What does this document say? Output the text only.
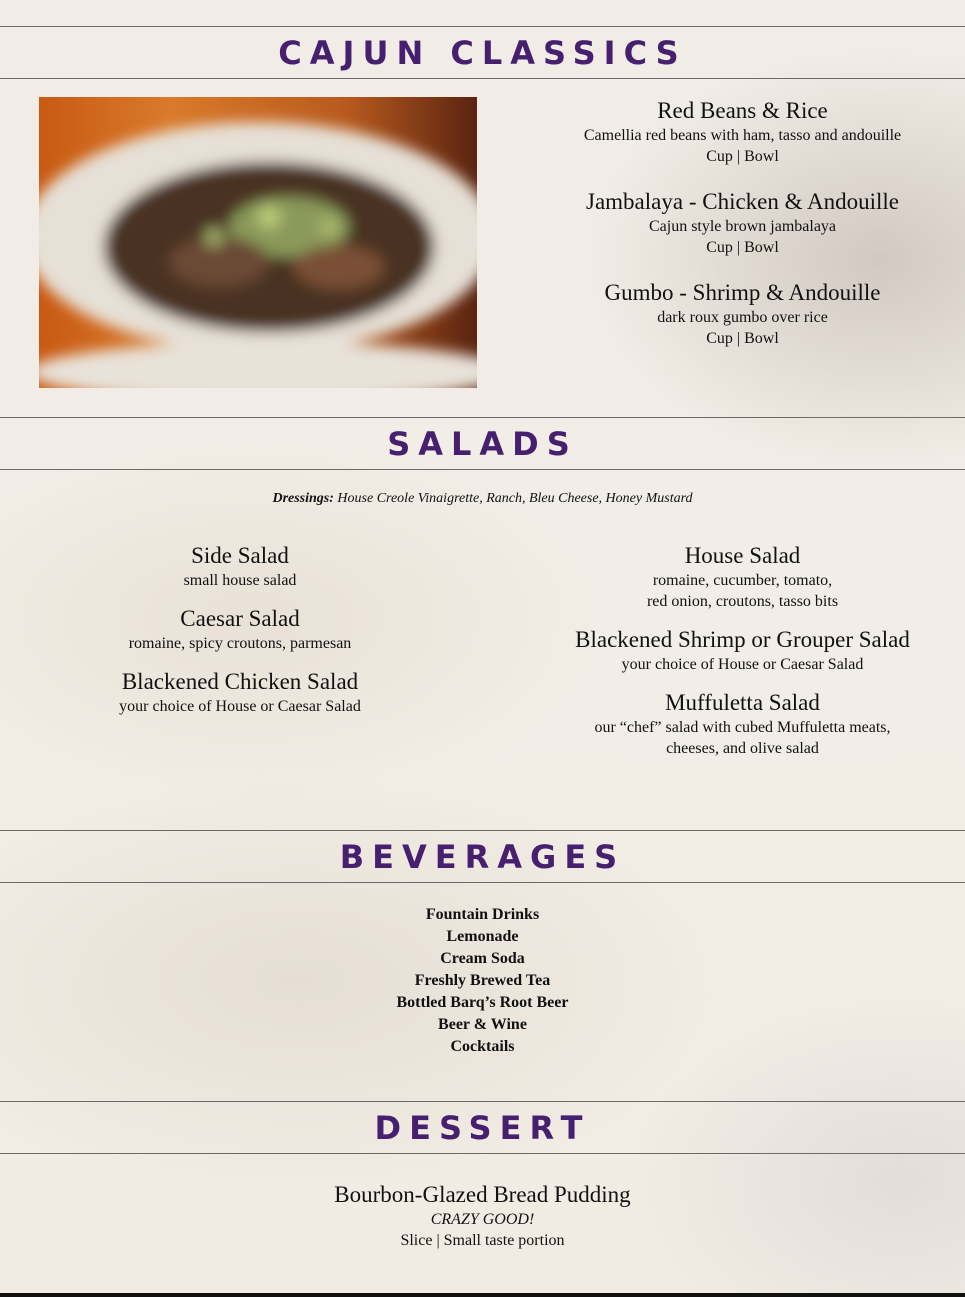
CAJUN CLASSICS

Red Beans & Rice

Camellia red beans with ham, tasso and andouille

Cup | Bowl

Jambalaya - Chicken & Andouille

Cajun style brown jambalaya

Cup | Bowl

Gumbo - Shrimp & Andouille

dark roux gumbo over rice

Cup | Bowl

SALADS
Dressings: House Creole Vinaigrette, Ranch, Bleu Cheese, Honey Mustard

Side Salad

small house salad

Caesar Salad

romaine, spicy croutons, parmesan

Blackened Chicken Salad

your choice of House or Caesar Salad

House Salad

romaine, cucumber, tomato,

red onion, croutons, tasso bits

Blackened Shrimp or Grouper Salad

your choice of House or Caesar Salad

Muffuletta Salad

our “chef” salad with cubed Muffuletta meats,

cheeses, and olive salad

BEVERAGES
Fountain Drinks
Lemonade
Cream Soda
Freshly Brewed Tea
Bottled Barq’s Root Beer
Beer & Wine
Cocktails
DESSERT

Bourbon-Glazed Bread Pudding

CRAZY GOOD!

Slice | Small taste portion
